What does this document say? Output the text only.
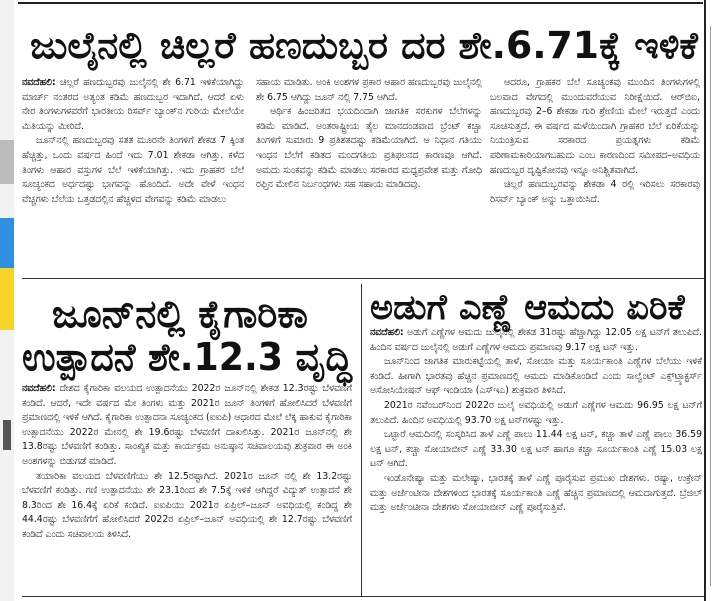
ಜುಲೈನಲ್ಲಿ ಚಿಲ್ಲರೆ ಹಣದುಬ್ಬರ ದರ ಶೇ.6.71ಕ್ಕೆ ಇಳಿಕೆ

ನವದೆಹಲಿ: ಚಿಲ್ಲರೆ ಹಣದುಬ್ಬರವು ಜುಲೈನಲ್ಲಿ ಶೇ 6.71 ಇಳಿಕೆಯಾಗಿದ್ದು ಮಾರ್ಚ್ ನಂತರದ ಅತ್ಯಂತ ಕಡಿಮೆ ಹಣದುಬ್ಬರ ಇದಾಗಿದೆ. ಆದರೆ ಏಳು ನೇರ ತಿಂಗಳುಗಳವರೆಗೆ ಭಾರತೀಯ ರಿಸರ್ವ್ ಬ್ಯಾಂಕ್‌ನ ಗುರಿಯ ಮೇಲೆಯೇ ಮಿತಿಯನ್ನು ಮೀರಿದೆ.

ಜೂನ್‌ನಲ್ಲಿ ಹಣದುಬ್ಬರವು ಸತತ ಮೂರನೇ ತಿಂಗಳಿಗೆ ಶೇಕಡ 7 ಕ್ಕಿಂತ ಹೆಚ್ಚಿತ್ತು, ಒಂದು ವರ್ಷದ ಹಿಂದೆ ಇದು 7.01 ಶೇಕಡಾ ಆಗಿತ್ತು. ಕಳೆದ ತಿಂಗಳು ಆಹಾರ ವಸ್ತುಗಳ ಬೆಲೆ ಇಳಿಕೆಯಾಗಿತ್ತು. ಇದು ಗ್ರಾಹಕರ ಬೆಲೆ ಸೂಚ್ಯಂಕದ ಅರ್ಧದಷ್ಟು ಭಾಗವನ್ನು ಹೊಂದಿದೆ. ಅದೇ ವೇಳೆ ಇಂಧನ ವೆಚ್ಚಗಳು ಬೆಲೆಯ ಒತ್ತಡದಲ್ಲಿನ ಹೆಚ್ಚಳದ ವೇಗವನ್ನು ಕಡಿಮೆ ಮಾಡಲು

ಸಹಾಯ ಮಾಡಿತು. ಅಂಕಿ ಅಂಶಗಳ ಪ್ರಕಾರ ಆಹಾರ ಹಣದುಬ್ಬರವು ಜುಲೈನಲ್ಲಿ ಶೇ 6.75 ಆಗಿದ್ದು ಜೂನ್ ನಲ್ಲಿ 7.75 ಆಗಿದೆ.

ಆರ್ಥಿಕ ಹಿಂಜರಿತದ ಭಯದಿಂದಾಗಿ ಜಾಗತಿಕ ಸರಕುಗಳ ಬೆಲೆಗಳನ್ನು ಕಡಿಮೆ ಮಾಡಿದೆ. ಅಂತರಾಷ್ಟ್ರೀಯ ತೈಲ ಮಾನದಂಡವಾದ ಬ್ರೆಂಟ್ ಕಚ್ಚಾ ತಿಂಗಳಿಗೆ ಸುಮಾರು 9 ಪ್ರತಿಶತದಷ್ಟು ಕಡಿಮೆಯಾಗಿದೆ. ಆ ನಿಧಾನ ಗತಿಯು ಇಂಧನ ಬೆಲೆಗೆ ಕಡಿತದ ಮಂದಗತಿಯ ಪ್ರತಿಫಲನದ ಕಾರಣವೂ ಆಗಿದೆ. ಅಮದು ಸುಂಕವನ್ನು ಕಡಿಮೆ ಮಾಡಲು ಸರಕಾರದ ಮಧ್ಯಪ್ರವೇಶ ಮತ್ತು ಗೋಧಿ ರಫ್ತಿನ ಮೇಲಿನ ನಿರ್ಬಂಧಗಳು ಸಹ ಸಹಾಯ ಮಾಡಿದವು.

ಆದರೂ, ಗ್ರಾಹಕರ ಬೆಲೆ ಸೂಚ್ಯಂಕವು ಮುಂದಿನ ತಿಂಗಳುಗಳಲ್ಲಿ ಬಲವಾದ ವೇಗದಲ್ಲಿ ಮುಂದುವರೆಯುವ ನಿರೀಕ್ಷೆಯಿದೆ. ಆರ್‌ಬಿಐ, ಹಣದುಬ್ಬರವು 2–6 ಶೇಕಡಾ ಗುರಿ ಶ್ರೇಣಿಯ ಮೇಲೆ ಇರುತ್ತದೆ ಎಂದು ಸೂಚಿಸುತ್ತದೆ. ಈ ವರ್ಷದ ಮಳೆಯಿಂದಾಗಿ ಗ್ರಾಹಕರ ಬೆಲೆ ಏರಿಕೆಯನ್ನು ನಿಯಂತ್ರಿಸುವ ಸರಕಾರದ ಪ್ರಯತ್ನಗಳು ಕಡಿಮೆ ಪರಿಣಾಮಕಾರಿಯಾಗಬಹುದು ಎಂಬ ಕಾರಣದಿಂದ ಸಮೀಪದ–ಅವಧಿಯ ಹಣದುಬ್ಬರ ದೃಷ್ಟಿಕೋನವು ಇನ್ನೂ ಅನಿಶ್ಚಿತವಾಗಿದೆ.

ಚಿಲ್ಲರೆ ಹಣದುಬ್ಬರವನ್ನು ಶೇಕಡಾ 4 ರಲ್ಲಿ ಇರಿಸಲು ಸರಕಾರವು ರಿಸರ್ವ್ ಬ್ಯಾಂಕ್ ಅನ್ನು ಒತ್ತಾಯಿಸಿದೆ.

ಜೂನ್‌ನಲ್ಲಿ ಕೈಗಾರಿಕಾ
ಉತ್ಪಾದನೆ ಶೇ.12.3 ವೃದ್ಧಿ

ನವದೆಹಲಿ: ದೇಶದ ಕೈಗಾರಿಕಾ ವಲಯದ ಉತ್ಪಾದನೆಯು 2022ರ ಜೂನ್‌ನಲ್ಲಿ ಶೇಕಡ 12.3ರಷ್ಟು ಬೆಳವಣಿಗೆ ಕಂಡಿದೆ. ಆದರೆ, ಇದೇ ವರ್ಷದ ಮೇ ತಿಂಗಳು ಮತ್ತು 2021ರ ಜೂನ್ ತಿಂಗಳಿಗೆ ಹೋಲಿಸಿದರೆ ಬೆಳವಣಿಗೆ ಪ್ರಮಾಣದಲ್ಲಿ ಇಳಿಕೆ ಆಗಿದೆ. ಕೈಗಾರಿಕಾ ಉತ್ಪಾದನಾ ಸೂಚ್ಯಂಕದ (ಐಐಪಿ) ಆಧಾರದ ಮೇಲೆ ಲೆಕ್ಕ ಹಾಕುವ ಕೈಗಾರಿಕಾ ಉತ್ಪಾದನೆಯು 2022ರ ಮೇನಲ್ಲಿ ಶೇ 19.6ರಷ್ಟು ಬೆಳವಣಿಗೆ ದಾಖಲಿಸಿತ್ತು. 2021ರ ಜೂನ್‌ನಲ್ಲಿ ಶೇ 13.8ರಷ್ಟು ಬೆಳವಣಿಗೆ ಕಂಡಿತ್ತು. ಸಾಂಖ್ಯಿಕ ಮತ್ತು ಕಾರ್ಯಕ್ರಮ ಅನುಷ್ಠಾನ ಸಚಿವಾಲಯವು ಶುಕ್ರವಾರ ಈ ಅಂಕಿ ಅಂಶಗಳನ್ನು ಬಿಡುಗಡೆ ಮಾಡಿದೆ.

ತಯಾರಿಕಾ ವಲಯದ ಬೆಳವಣಿಗೆಯು ಶೇ 12.5ರಷ್ಟಾಗಿದೆ. 2021ರ ಜೂನ್ ನಲ್ಲಿ ಶೇ 13.2ರಷ್ಟು ಬೆಳವಣಿಗೆ ಕಂಡಿತ್ತು. ಗಣಿ ಉತ್ಪಾದನೆಯು ಶೇ 23.1ರಿಂದ ಶೇ 7.5ಕ್ಕೆ ಇಳಿಕೆ ಆಗಿದ್ದರೆ ವಿದ್ಯುತ್ ಉತ್ಪಾದನೆ ಶೇ 8.3ರಿಂದ ಶೇ 16.4ಕ್ಕೆ ಏರಿಕೆ ಕಂಡಿದೆ. ಐಐಪಿಯು 2021ರ ಏಪ್ರಿಲ್–ಜೂನ್ ಅವಧಿಯಲ್ಲಿ ಕಂಡಿದ್ದ ಶೇ 44.4ರಷ್ಟು ಬೆಳವಣಿಗೆಗೆ ಹೋಲಿಸಿದರೆ 2022ರ ಏಪ್ರಿಲ್–ಜೂನ್ ಅವಧಿಯಲ್ಲಿ ಶೇ 12.7ರಷ್ಟು ಬೆಳವಣಿಗೆ ಕಂಡಿದೆ ಎಂದು ಸಚಿವಾಲಯ ತಿಳಿಸಿದೆ.

ಅಡುಗೆ ಎಣ್ಣೆ ಆಮದು ಏರಿಕೆ

ನವದೆಹಲಿ: ಅಡುಗೆ ಎಣ್ಣೆಗಳ ಆಮದು ಜುಲೈನಲ್ಲಿ ಶೇಕಡ 31ರಷ್ಟು ಹೆಚ್ಚಾಗಿದ್ದು 12.05 ಲಕ್ಷ ಟನ್‌ಗೆ ತಲುಪಿದೆ. ಹಿಂದಿನ ವರ್ಷದ ಜುಲೈನಲ್ಲಿ ಅಡುಗೆ ಎಣ್ಣೆಗಳ ಆಮದು ಪ್ರಮಾಣವು 9.17 ಲಕ್ಷ ಟನ್ ಇತ್ತು.

ಜೂನ್‌ನಿಂದ ಜಾಗತಿಕ ಮಾರುಕಟ್ಟೆಯಲ್ಲಿ ತಾಳೆ, ಸೋಯಾ ಮತ್ತು ಸೂರ್ಯಕಾಂತಿ ಎಣ್ಣೆಗಳ ಬೆಲೆಯು ಇಳಿಕೆ ಕಂಡಿದೆ. ಹೀಗಾಗಿ ಭಾರತವು ಹೆಚ್ಚಿನ ಪ್ರಮಾಣದಲ್ಲಿ ಆಮದು ಮಾಡಿಕೊಂಡಿದೆ ಎಂದು ಸಾಲ್ವೆಂಟ್ ಎಕ್ಸ್‌ಟ್ರ್ಯಾಕ್ಟರ್ಸ್ ಅಸೋಸಿಯೇಷನ್ ಆಫ್ ಇಂಡಿಯಾ (ಎಸ್‌ಇಎ) ಶುಕ್ರವಾರ ತಿಳಿಸಿದೆ.

2021ರ ನವೆಂಬರ್‌ನಿಂದ 2022ರ ಜುಲೈ ಅವಧಿಯಲ್ಲಿ ಅಡುಗೆ ಎಣ್ಣೆಗಳ ಆಮದು 96.95 ಲಕ್ಷ ಟನ್‌ಗೆ ತಲುಪಿದೆ. ಹಿಂದಿನ ಅವಧಿಯಲ್ಲಿ 93.70 ಲಕ್ಷ ಟನ್‌ಗಳಷ್ಟು ಇತ್ತು.

ಒಟ್ಟಾರೆ ಆಮದಿನಲ್ಲಿ ಸಂಸ್ಕರಿಸಿದ ತಾಳೆ ಎಣ್ಣೆ ಪಾಲು 11.44 ಲಕ್ಷ ಟನ್, ಕಚ್ಚಾ ತಾಳೆ ಎಣ್ಣೆ ಪಾಲು 36.59 ಲಕ್ಷ ಟನ್, ಕಚ್ಚಾ ಸೋಯಾಬೀನ್ ಎಣ್ಣೆ 33.30 ಲಕ್ಷ ಟನ್ ಹಾಗೂ ಕಚ್ಚಾ ಸೂರ್ಯಕಾಂತಿ ಎಣ್ಣೆ 15.03 ಲಕ್ಷ ಟನ್ ಆಗಿದೆ.

ಇಂಡೊನೇಷ್ಯಾ ಮತ್ತು ಮಲೇಷ್ಯಾ, ಭಾರತಕ್ಕೆ ತಾಳೆ ಎಣ್ಣೆ ಪೂರೈಸುವ ಪ್ರಮುಖ ದೇಶಗಳು. ರಷ್ಯಾ, ಉಕ್ರೇನ್ ಮತ್ತು ಅರ್ಜೆಂಟೀನಾ ದೇಶಗಳಿಂದ ಭಾರತಕ್ಕೆ ಸೂರ್ಯಕಾಂತಿ ಎಣ್ಣೆ ಹೆಚ್ಚಿನ ಪ್ರಮಾಣದಲ್ಲಿ ಆಮದಾಗುತ್ತದೆ. ಬ್ರೆಜಿಲ್ ಮತ್ತು ಅರ್ಜೆಂಟೀನಾ ದೇಶಗಳು ಸೋಯಾಬೀನ್ ಎಣ್ಣೆ ಪೂರೈಸುತ್ತಿವೆ.
